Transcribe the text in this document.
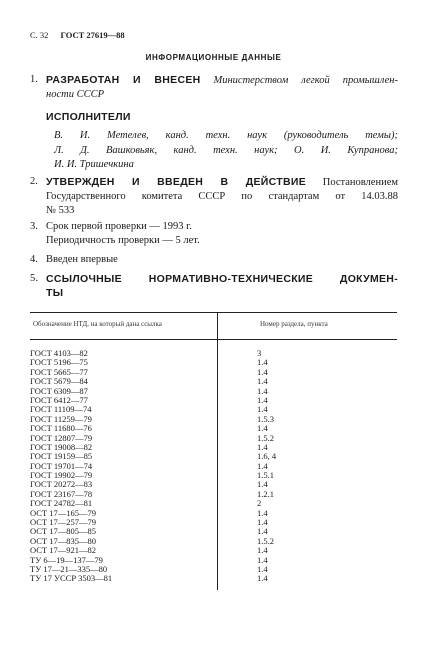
С. 32 ГОСТ 27619—88
ИНФОРМАЦИОННЫЕ ДАННЫЕ
1. РАЗРАБОТАН И ВНЕСЕН Министерством легкой промышлен-
ности СССР
ИСПОЛНИТЕЛИ
В. И. Метелев, канд. техн. наук (руководитель темы);
Л. Д. Вашковьяк, канд. техн. наук; О. И. Купранова;
И. И. Тришечкина
2. УТВЕРЖДЕН И ВВЕДЕН В ДЕЙСТВИЕ Постановлением
Государственного комитета СССР по стандартам от 14.03.88
№ 533
3. Срок первой проверки — 1993 г.
Периодичность проверки — 5 лет.
4. Введен впервые
5. ССЫЛОЧНЫЕ НОРМАТИВНО-ТЕХНИЧЕСКИЕ ДОКУМЕН-
ТЫ
Обозначение НТД, на который дана ссылка	Номер раздела, пункта
ГОСТ 4103—82	3
ГОСТ 5196—75	1.4
ГОСТ 5665—77	1.4
ГОСТ 5679—84	1.4
ГОСТ 6309—87	1.4
ГОСТ 6412—77	1.4
ГОСТ 11109—74	1.4
ГОСТ 11259—79	1.5.3
ГОСТ 11680—76	1.4
ГОСТ 12807—79	1.5.2
ГОСТ 19008—82	1.4
ГОСТ 19159—85	1.6, 4
ГОСТ 19701—74	1.4
ГОСТ 19902—79	1.5.1
ГОСТ 20272—83	1.4
ГОСТ 23167—78	1.2.1
ГОСТ 24782—81	2
ОСТ 17—165—79	1.4
ОСТ 17—257—79	1.4
ОСТ 17—805—85	1.4
ОСТ 17—835—80	1.5.2
ОСТ 17—921—82	1.4
ТУ 6—19—137—79	1.4
ТУ 17—21—335—80	1.4
ТУ 17 УССР 3503—81	1.4
